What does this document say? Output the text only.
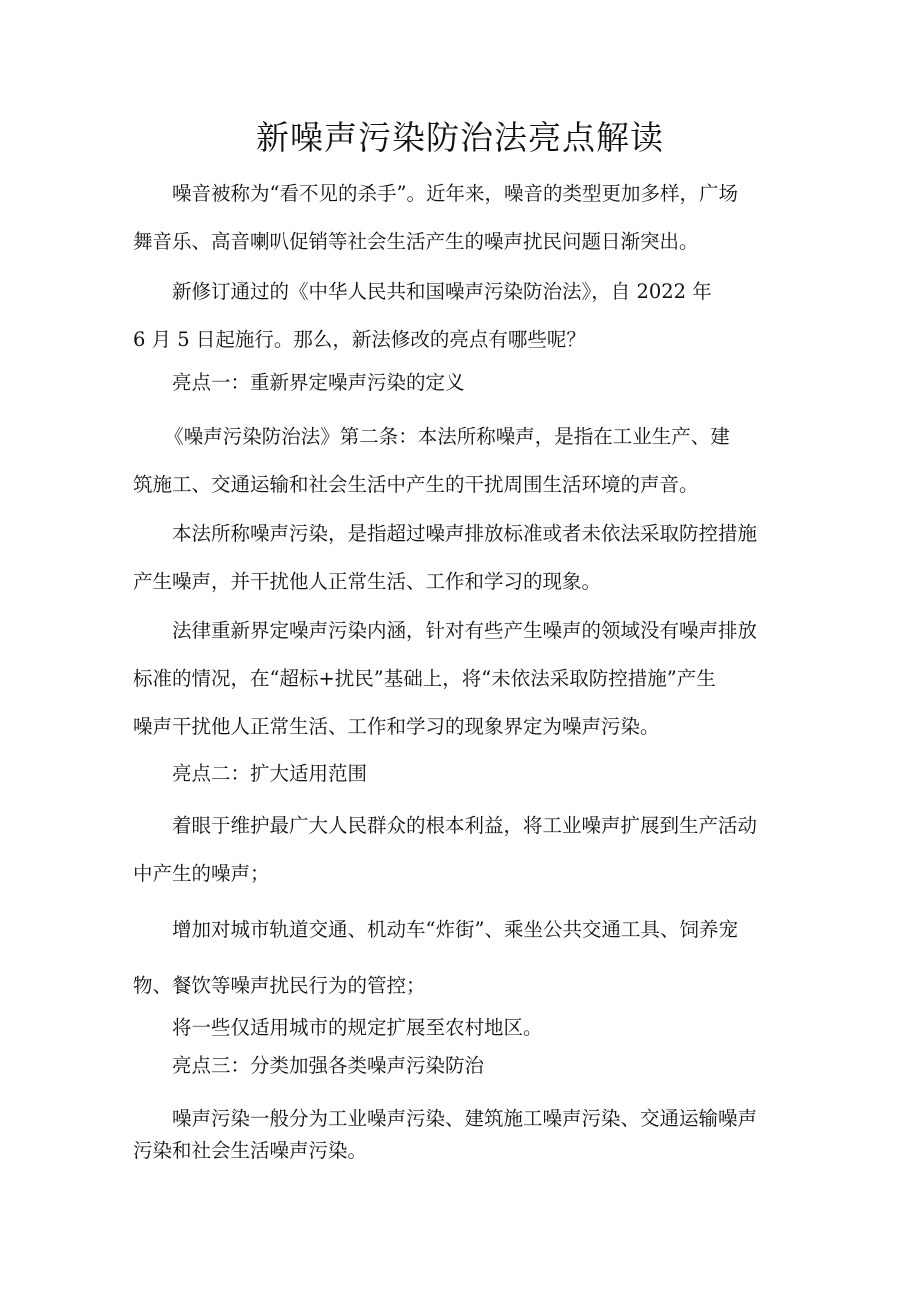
新噪声污染防治法亮点解读

噪音被称为“看不见的杀手”。近年来，噪音的类型更加多样，广场
舞音乐、高音喇叭促销等社会生活产生的噪声扰民问题日渐突出。

新修订通过的《中华人民共和国噪声污染防治法》，自 2022 年
6 月 5 日起施行。那么，新法修改的亮点有哪些呢？

亮点一：重新界定噪声污染的定义

《噪声污染防治法》第二条：本法所称噪声，是指在工业生产、建
筑施工、交通运输和社会生活中产生的干扰周围生活环境的声音。

本法所称噪声污染，是指超过噪声排放标准或者未依法采取防控措施
产生噪声，并干扰他人正常生活、工作和学习的现象。

法律重新界定噪声污染内涵，针对有些产生噪声的领域没有噪声排放
标准的情况，在“超标+扰民”基础上，将“未依法采取防控措施”产生
噪声干扰他人正常生活、工作和学习的现象界定为噪声污染。

亮点二：扩大适用范围

着眼于维护最广大人民群众的根本利益，将工业噪声扩展到生产活动
中产生的噪声；

增加对城市轨道交通、机动车“炸街”、乘坐公共交通工具、饲养宠
物、餐饮等噪声扰民行为的管控；

将一些仅适用城市的规定扩展至农村地区。

亮点三：分类加强各类噪声污染防治

噪声污染一般分为工业噪声污染、建筑施工噪声污染、交通运输噪声
污染和社会生活噪声污染。
